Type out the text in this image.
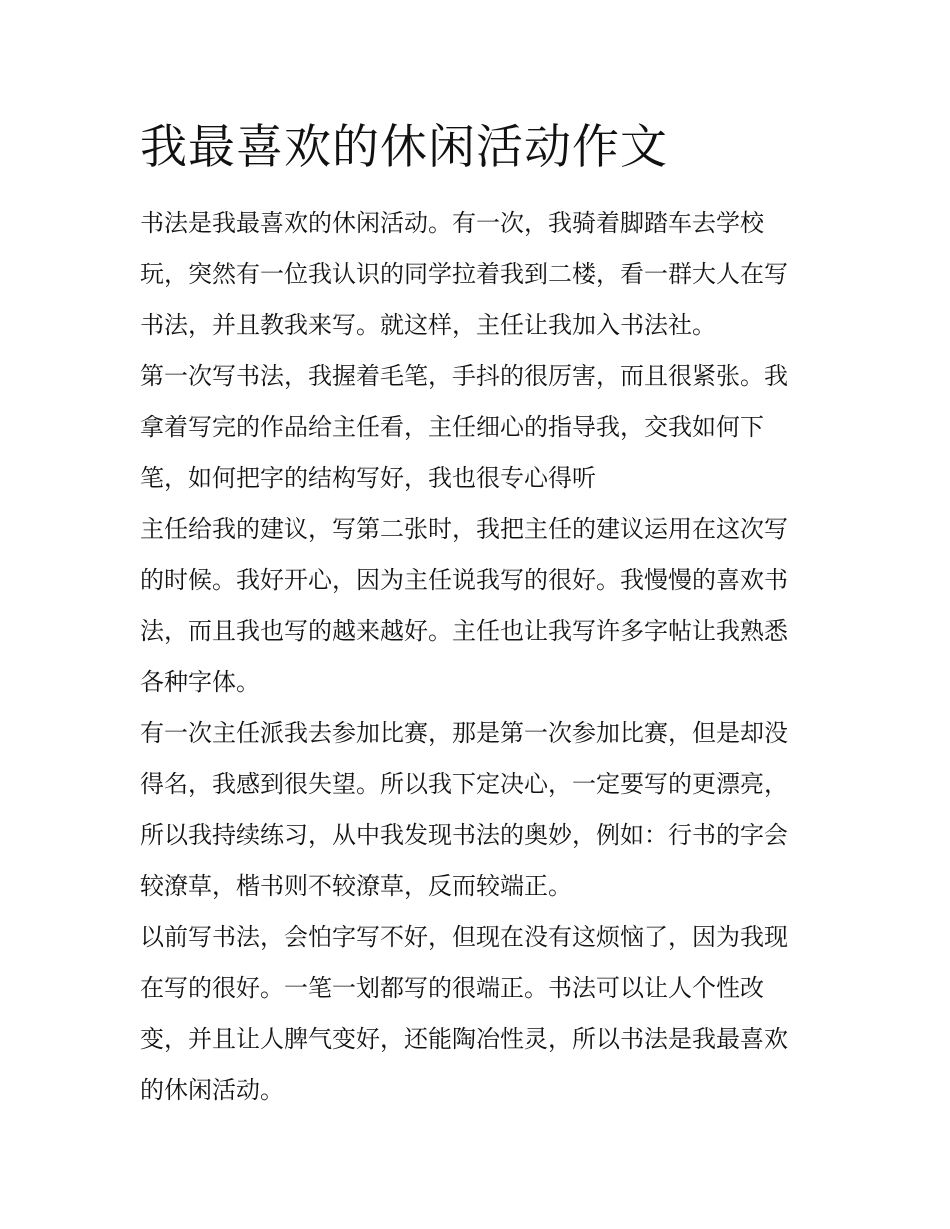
我最喜欢的休闲活动作文
书法是我最喜欢的休闲活动。有一次，我骑着脚踏车去学校
玩，突然有一位我认识的同学拉着我到二楼，看一群大人在写
书法，并且教我来写。就这样，主任让我加入书法社。
第一次写书法，我握着毛笔，手抖的很厉害，而且很紧张。我
拿着写完的作品给主任看，主任细心的指导我，交我如何下
笔，如何把字的结构写好，我也很专心得听
主任给我的建议，写第二张时，我把主任的建议运用在这次写
的时候。我好开心，因为主任说我写的很好。我慢慢的喜欢书
法，而且我也写的越来越好。主任也让我写许多字帖让我熟悉
各种字体。
有一次主任派我去参加比赛，那是第一次参加比赛，但是却没
得名，我感到很失望。所以我下定决心，一定要写的更漂亮，
所以我持续练习，从中我发现书法的奥妙，例如：行书的字会
较潦草，楷书则不较潦草，反而较端正。
以前写书法，会怕字写不好，但现在没有这烦恼了，因为我现
在写的很好。一笔一划都写的很端正。书法可以让人个性改
变，并且让人脾气变好，还能陶冶性灵，所以书法是我最喜欢
的休闲活动。
